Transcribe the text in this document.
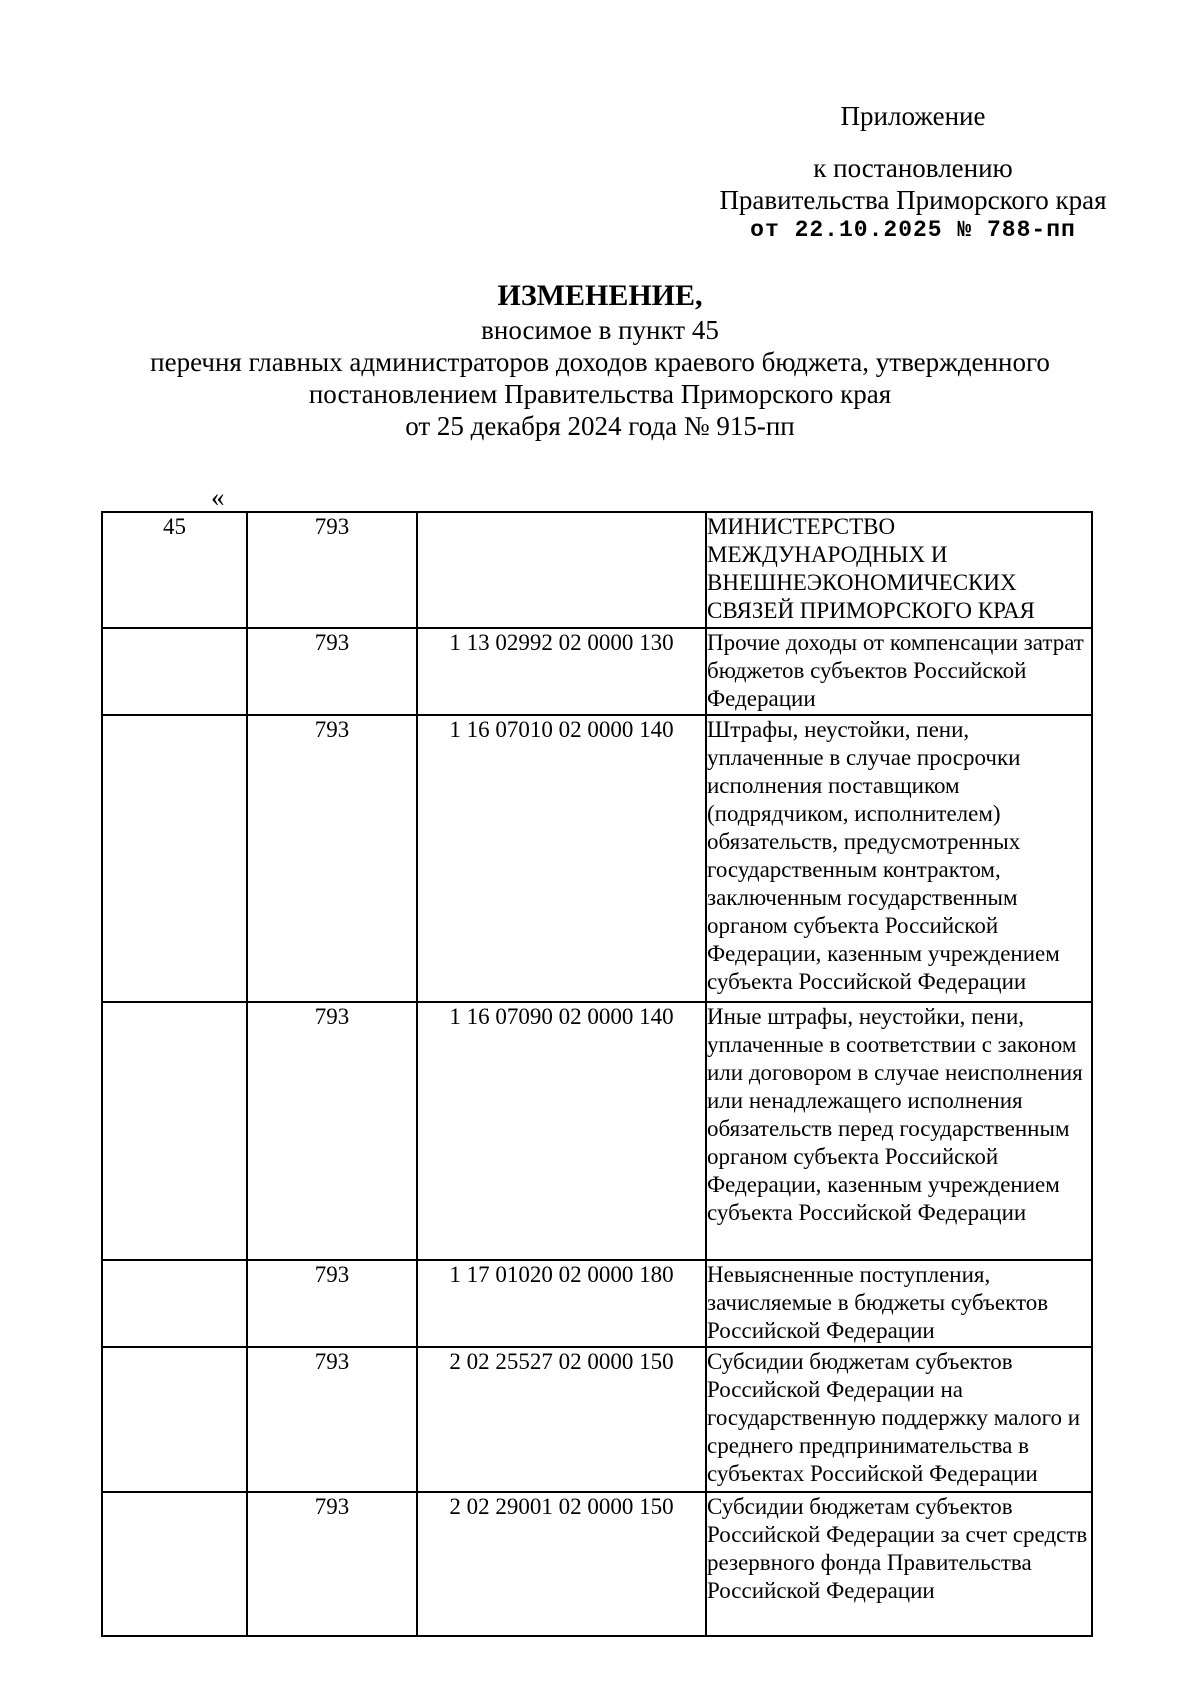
Приложение
к постановлению
Правительства Приморского края
от 22.10.2025 № 788-пп
ИЗМЕНЕНИЕ,
вносимое в пункт 45
перечня главных администраторов доходов краевого бюджета, утвержденного
постановлением Правительства Приморского края
от 25 декабря 2024 года № 915-пп
«
45	793		МИНИСТЕРСТВО МЕЖДУНАРОДНЫХ И ВНЕШНЕЭКОНОМИЧЕСКИХ СВЯЗЕЙ ПРИМОРСКОГО КРАЯ
	793	1 13 02992 02 0000 130	Прочие доходы от компенсации затрат бюджетов субъектов Российской Федерации
	793	1 16 07010 02 0000 140	Штрафы, неустойки, пени, уплаченные в случае просрочки исполнения поставщиком (подрядчиком, исполнителем) обязательств, предусмотренных государственным контрактом, заключенным государственным органом субъекта Российской Федерации, казенным учреждением субъекта Российской Федерации
	793	1 16 07090 02 0000 140	Иные штрафы, неустойки, пени, уплаченные в соответствии с законом или договором в случае неисполнения или ненадлежащего исполнения обязательств перед государственным органом субъекта Российской Федерации, казенным учреждением субъекта Российской Федерации
	793	1 17 01020 02 0000 180	Невыясненные поступления, зачисляемые в бюджеты субъектов Российской Федерации
	793	2 02 25527 02 0000 150	Субсидии бюджетам субъектов Российской Федерации на государственную поддержку малого и среднего предпринимательства в субъектах Российской Федерации
	793	2 02 29001 02 0000 150	Субсидии бюджетам субъектов Российской Федерации за счет средств резервного фонда Правительства Российской Федерации
